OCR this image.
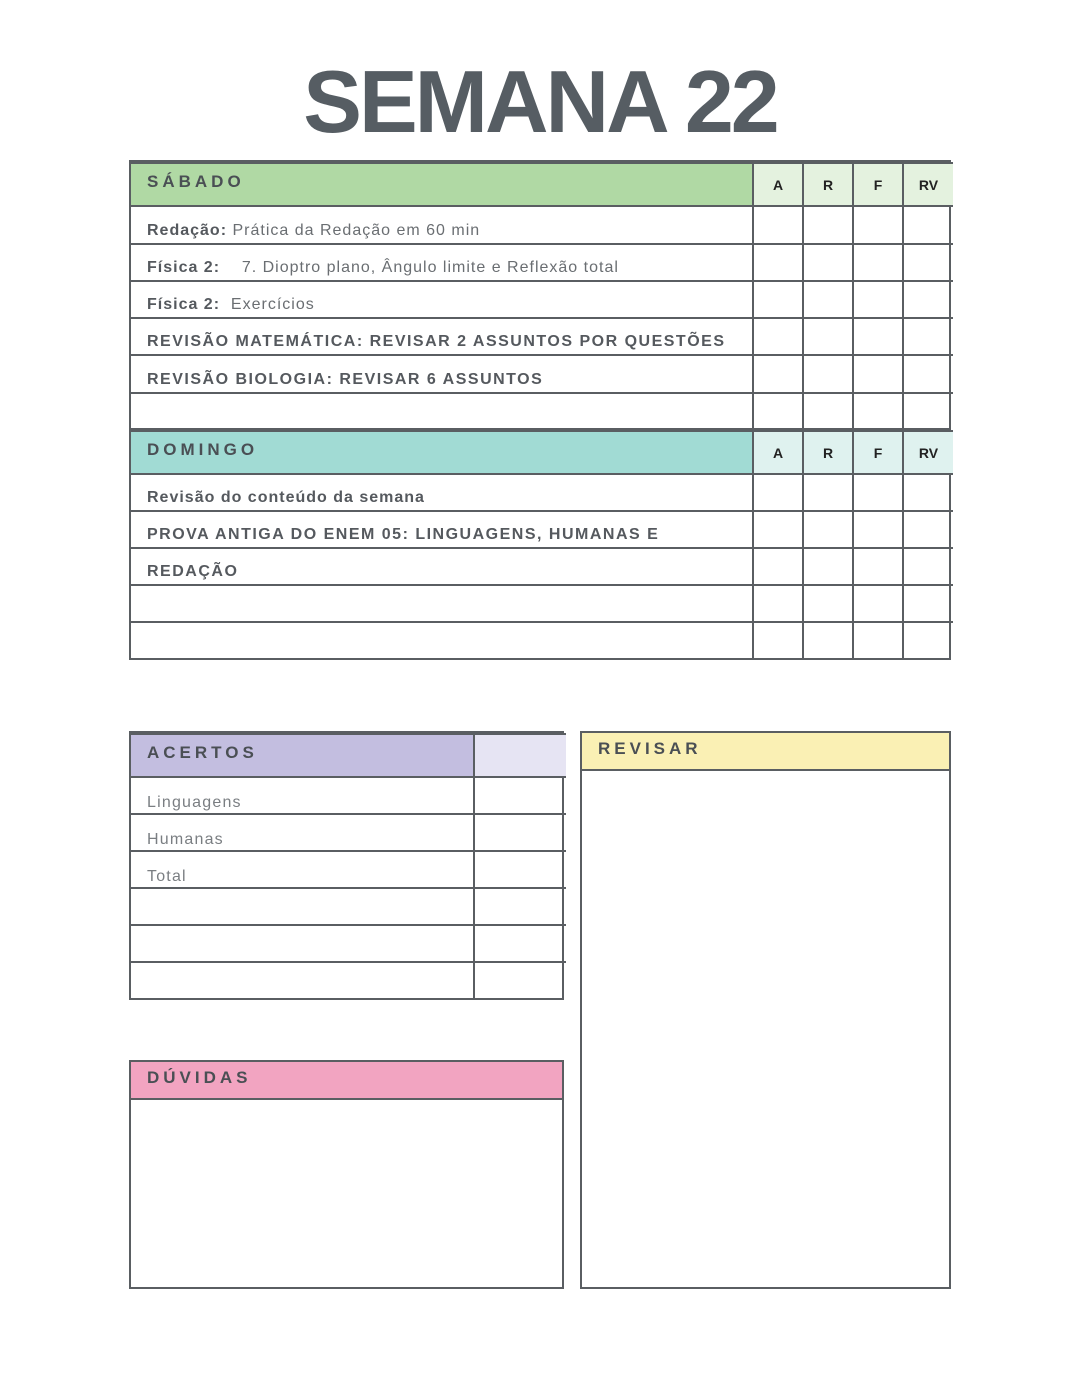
SEMANA 22
SÁBADO	A	R	F	RV
Redação: Prática da Redação em 60 min				
Física 2:    7. Dioptro plano, Ângulo limite e Reflexão total				
Física 2:  Exercícios				
REVISÃO MATEMÁTICA: REVISAR 2 ASSUNTOS POR QUESTÕES				
REVISÃO BIOLOGIA: REVISAR 6 ASSUNTOS				

DOMINGO	A	R	F	RV
Revisão do conteúdo da semana				
PROVA ANTIGA DO ENEM 05: LINGUAGENS, HUMANAS E				
REDAÇÃO				

ACERTOS	
Linguagens	
Humanas	
Total	

REVISAR
DÚVIDAS
